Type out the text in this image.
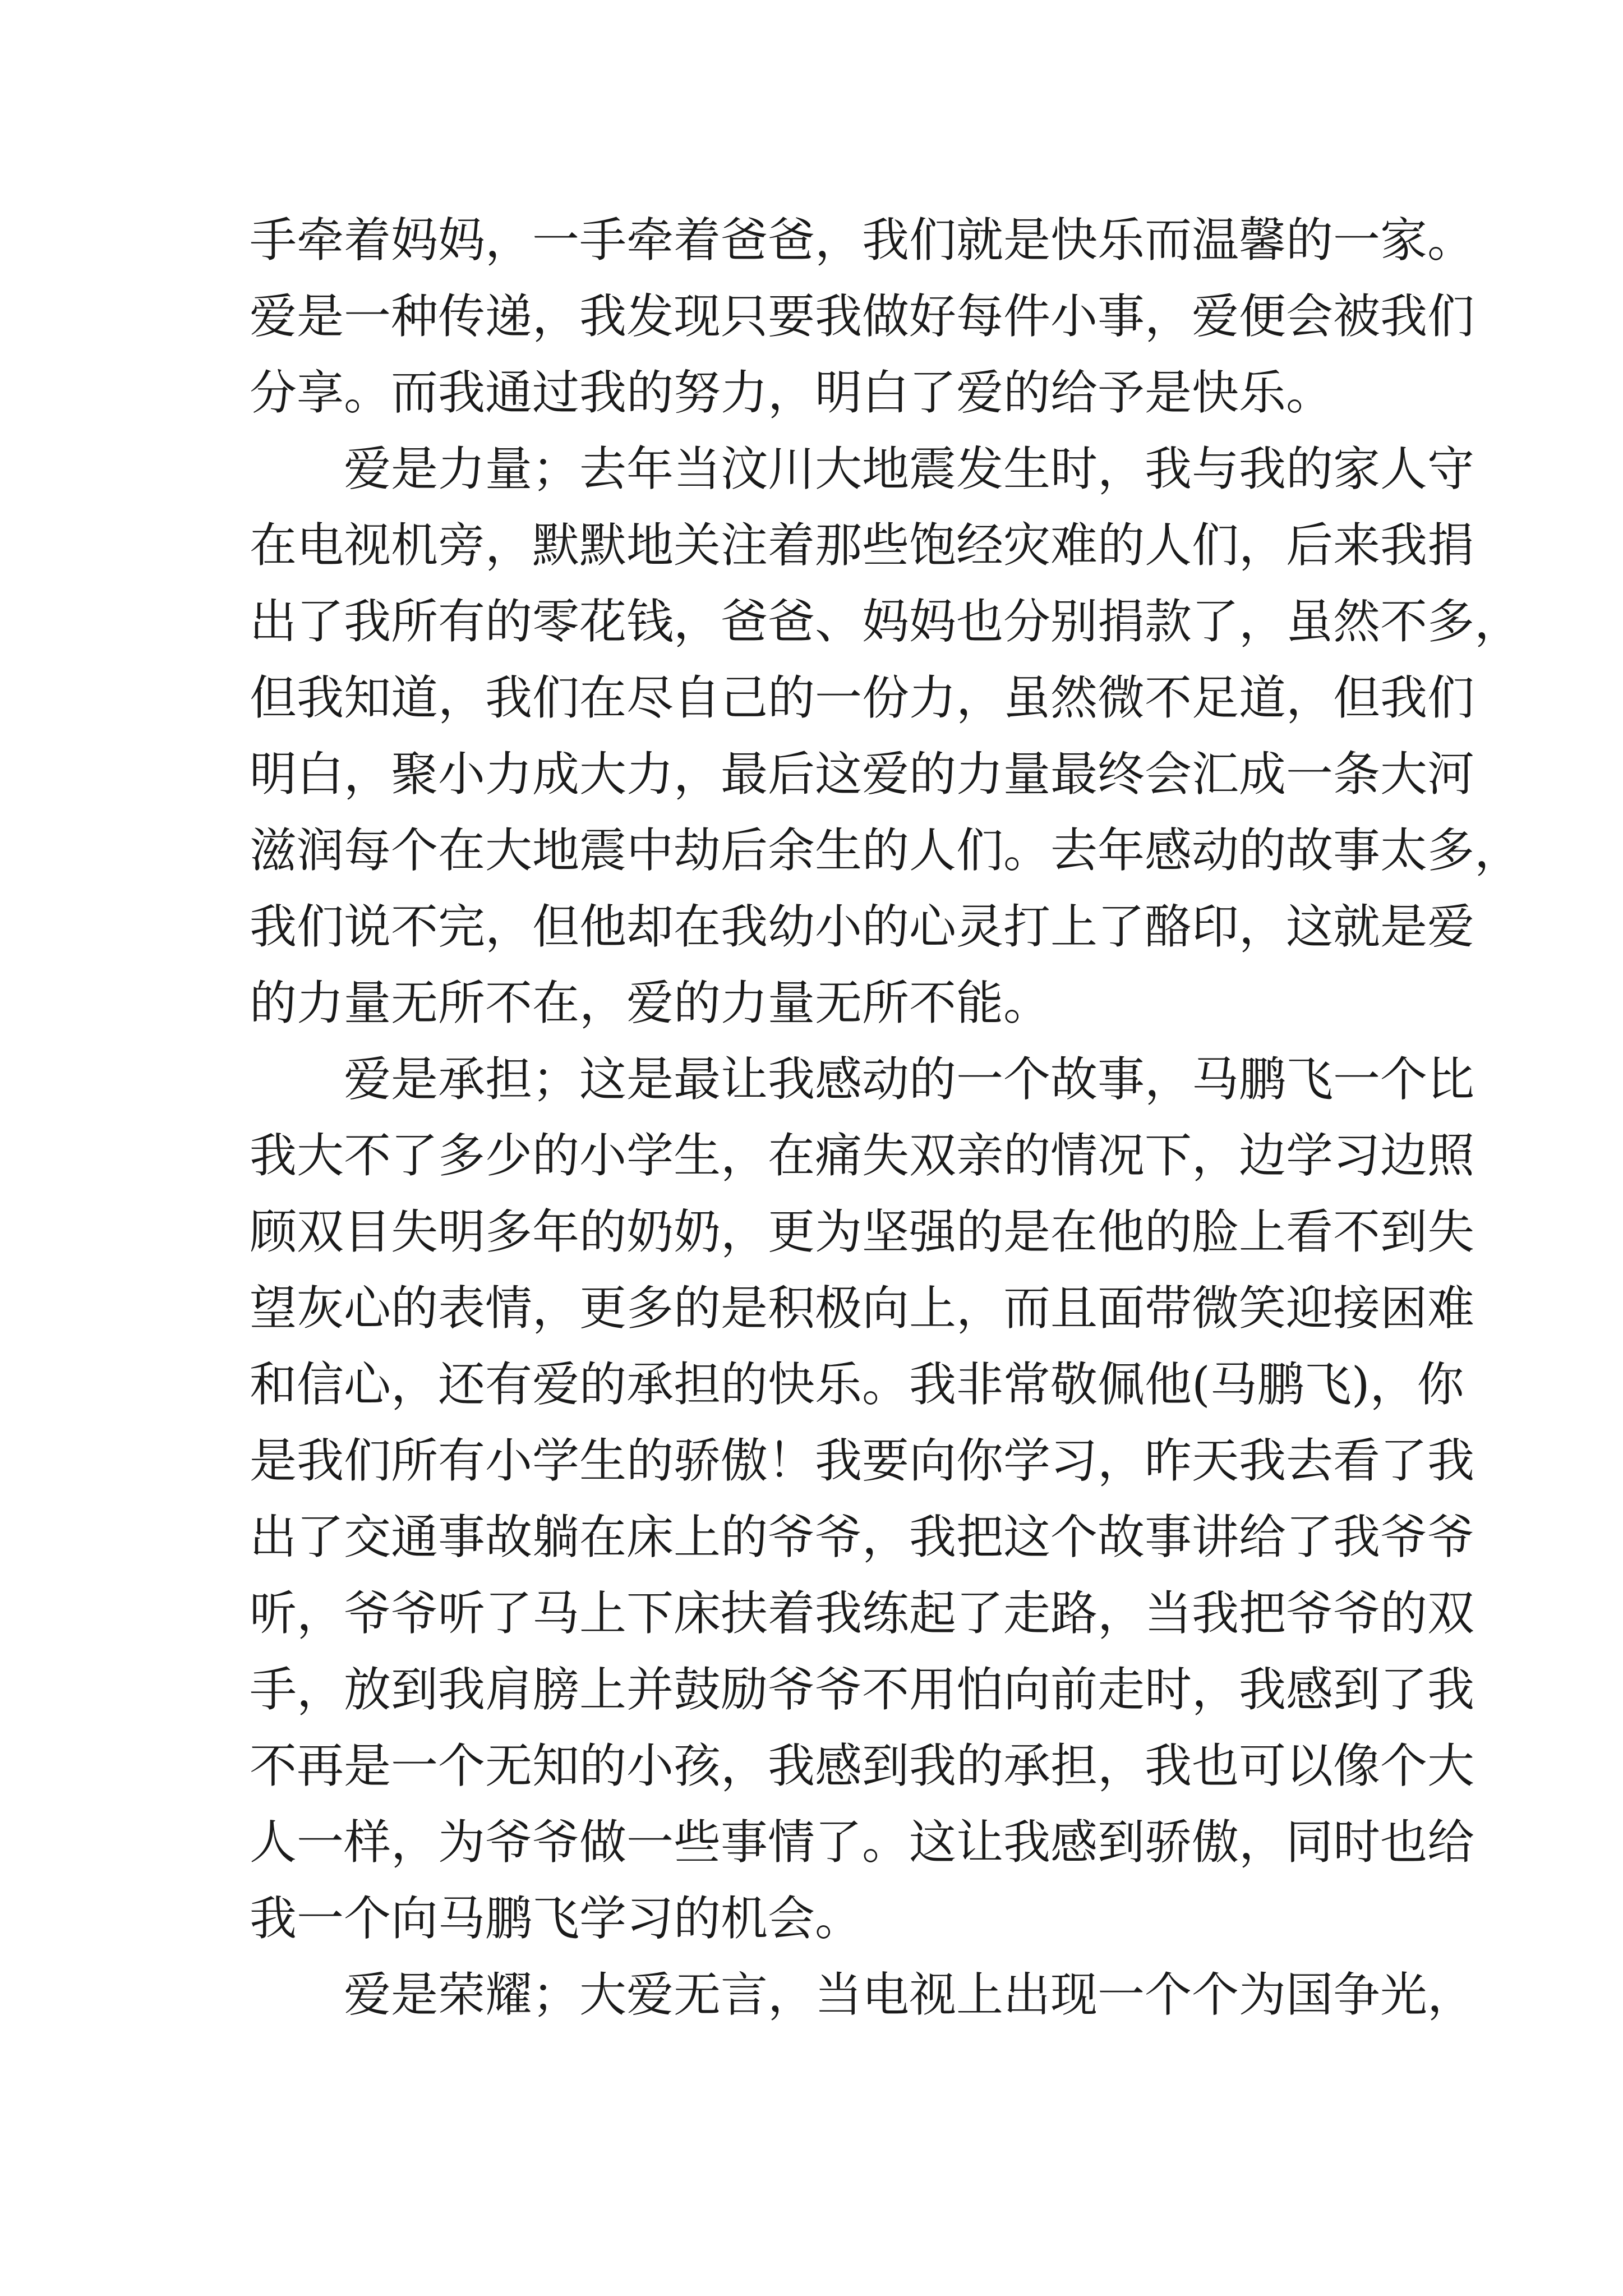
手牵着妈妈，一手牵着爸爸，我们就是快乐而温馨的一家。
爱是一种传递，我发现只要我做好每件小事，爱便会被我们
分享。而我通过我的努力，明白了爱的给予是快乐。
爱是力量；去年当汶川大地震发生时，我与我的家人守
在电视机旁，默默地关注着那些饱经灾难的人们，后来我捐
出了我所有的零花钱，爸爸、妈妈也分别捐款了，虽然不多，
但我知道，我们在尽自己的一份力，虽然微不足道，但我们
明白，聚小力成大力，最后这爱的力量最终会汇成一条大河
滋润每个在大地震中劫后余生的人们。去年感动的故事太多，
我们说不完，但他却在我幼小的心灵打上了酪印，这就是爱
的力量无所不在，爱的力量无所不能。
爱是承担；这是最让我感动的一个故事，马鹏飞一个比
我大不了多少的小学生，在痛失双亲的情况下，边学习边照
顾双目失明多年的奶奶，更为坚强的是在他的脸上看不到失
望灰心的表情，更多的是积极向上，而且面带微笑迎接困难
和信心，还有爱的承担的快乐。我非常敬佩他(马鹏飞)，你
是我们所有小学生的骄傲！我要向你学习，昨天我去看了我
出了交通事故躺在床上的爷爷，我把这个故事讲给了我爷爷
听，爷爷听了马上下床扶着我练起了走路，当我把爷爷的双
手，放到我肩膀上并鼓励爷爷不用怕向前走时，我感到了我
不再是一个无知的小孩，我感到我的承担，我也可以像个大
人一样，为爷爷做一些事情了。这让我感到骄傲，同时也给
我一个向马鹏飞学习的机会。
爱是荣耀；大爱无言，当电视上出现一个个为国争光，
